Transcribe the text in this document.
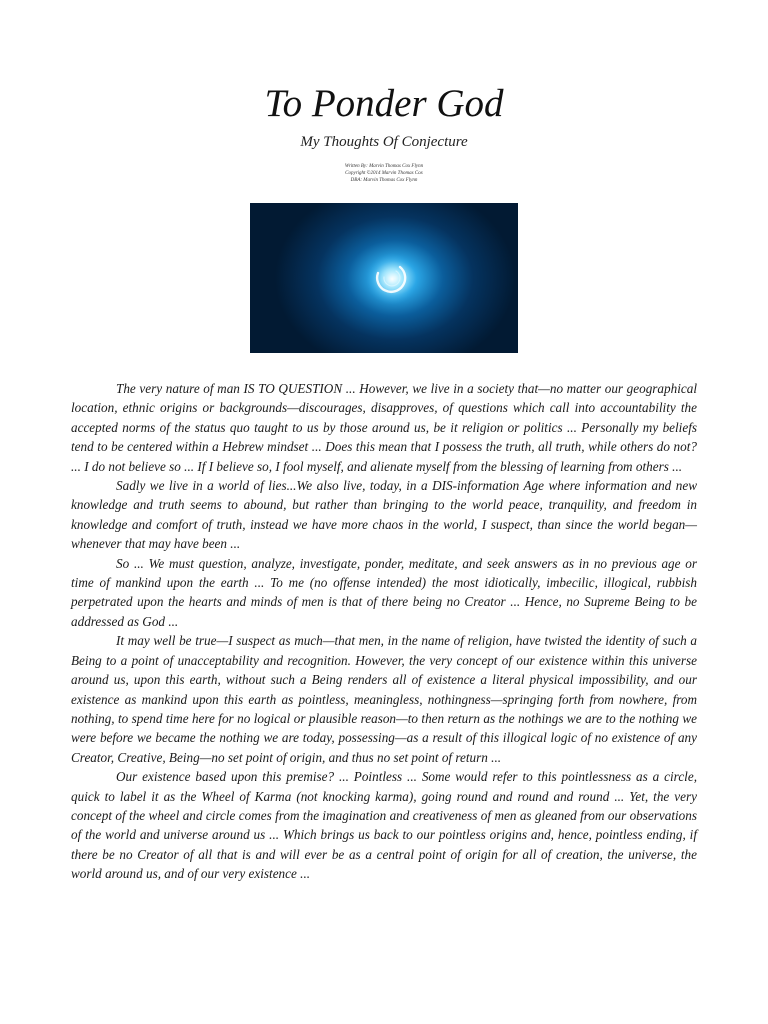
To Ponder God
My Thoughts Of Conjecture
Written By: Marvin Thomas Cox Flynn
Copyright ©2014 Marvin Thomas Cox
DBA: Marvin Thomas Cox Flynn

The very nature of man IS TO QUESTION ... However, we live in a society that—no matter our geographical location, ethnic origins or backgrounds—discourages, disapproves, of questions which call into accountability the accepted norms of the status quo taught to us by those around us, be it religion or politics ... Personally my beliefs tend to be centered within a Hebrew mindset ... Does this mean that I possess the truth, all truth, while others do not? ... I do not believe so ... If I believe so, I fool myself, and alienate myself from the blessing of learning from others ...

Sadly we live in a world of lies...We also live, today, in a DIS-information Age where information and new knowledge and truth seems to abound, but rather than bringing to the world peace, tranquility, and freedom in knowledge and comfort of truth, instead we have more chaos in the world, I suspect, than since the world began—whenever that may have been ...

So ... We must question, analyze, investigate, ponder, meditate, and seek answers as in no previous age or time of mankind upon the earth ... To me (no offense intended) the most idiotically, imbecilic, illogical, rubbish perpetrated upon the hearts and minds of men is that of there being no Creator ... Hence, no Supreme Being to be addressed as God ...

It may well be true—I suspect as much—that men, in the name of religion, have twisted the identity of such a Being to a point of unacceptability and recognition. However, the very concept of our existence within this universe around us, upon this earth, without such a Being renders all of existence a literal physical impossibility, and our existence as mankind upon this earth as pointless, meaningless, nothingness—springing forth from nowhere, from nothing, to spend time here for no logical or plausible reason—to then return as the nothings we are to the nothing we were before we became the nothing we are today, possessing—as a result of this illogical logic of no existence of any Creator, Creative, Being—no set point of origin, and thus no set point of return ...

Our existence based upon this premise? ... Pointless ... Some would refer to this pointlessness as a circle, quick to label it as the Wheel of Karma (not knocking karma), going round and round and round ... Yet, the very concept of the wheel and circle comes from the imagination and creativeness of men as gleaned from our observations of the world and universe around us ... Which brings us back to our pointless origins and, hence, pointless ending, if there be no Creator of all that is and will ever be as a central point of origin for all of creation, the universe, the world around us, and of our very existence ...
